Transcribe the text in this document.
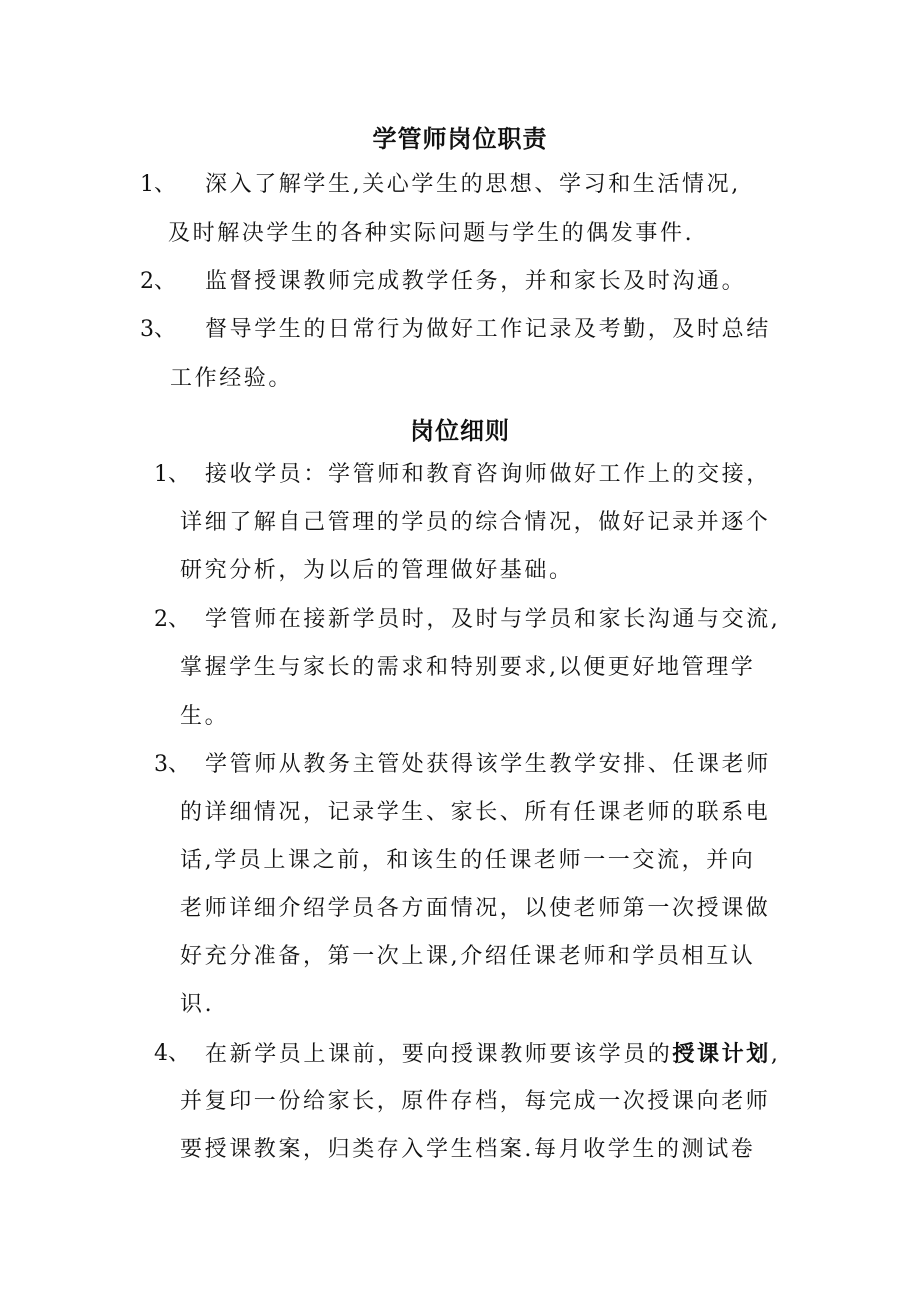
学管师岗位职责
1、 深入了解学生,关心学生的思想、学习和生活情况,
及时解决学生的各种实际问题与学生的偶发事件.
2、 监督授课教师完成教学任务，并和家长及时沟通。
3、 督导学生的日常行为做好工作记录及考勤，及时总结
工作经验。
岗位细则
1、 接收学员：学管师和教育咨询师做好工作上的交接，
详细了解自己管理的学员的综合情况，做好记录并逐个
研究分析，为以后的管理做好基础。
2、 学管师在接新学员时，及时与学员和家长沟通与交流,
掌握学生与家长的需求和特别要求,以便更好地管理学
生。
3、 学管师从教务主管处获得该学生教学安排、任课老师
的详细情况，记录学生、家长、所有任课老师的联系电
话,学员上课之前，和该生的任课老师一一交流，并向
老师详细介绍学员各方面情况，以使老师第一次授课做
好充分准备，第一次上课,介绍任课老师和学员相互认
识.
4、 在新学员上课前，要向授课教师要该学员的授课计划,
并复印一份给家长，原件存档，每完成一次授课向老师
要授课教案，归类存入学生档案.每月收学生的测试卷
